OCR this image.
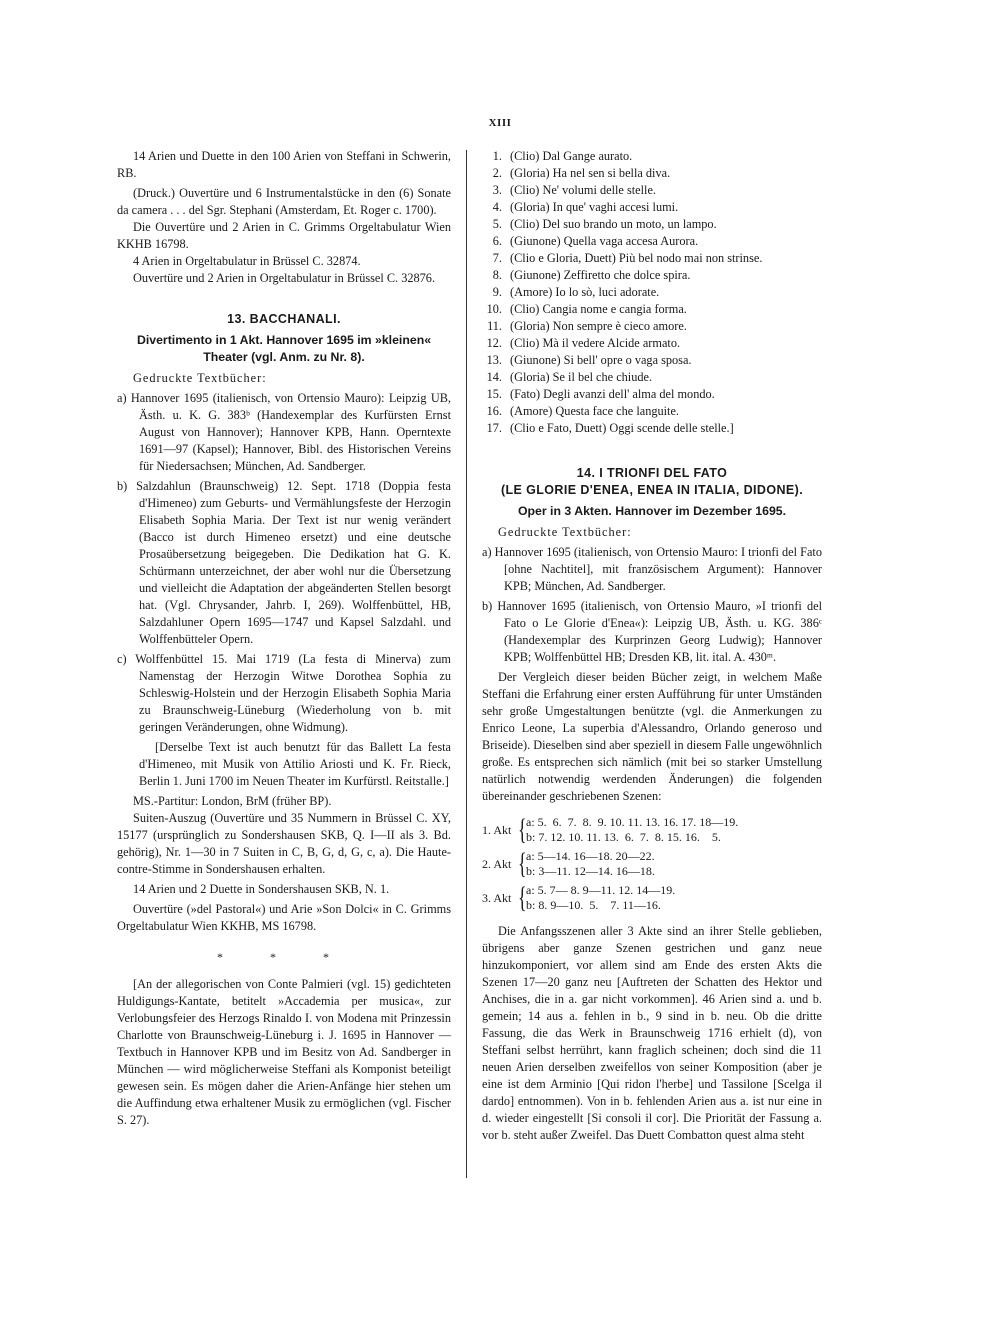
XIII

14 Arien und Duette in den 100 Arien von Steffani in Schwerin, RB.

(Druck.) Ouvertüre und 6 Instrumentalstücke in den (6) Sonate da camera . . . del Sgr. Stephani (Amsterdam, Et. Roger c. 1700).

Die Ouvertüre und 2 Arien in C. Grimms Orgeltabulatur Wien KKHB 16798.

4 Arien in Orgeltabulatur in Brüssel C. 32874.

Ouvertüre und 2 Arien in Orgeltabulatur in Brüssel C. 32876.

13. BACCHANALI.
Divertimento in 1 Akt. Hannover 1695 im »kleinen« Theater (vgl. Anm. zu Nr. 8).

Gedruckte Textbücher:

a) Hannover 1695 (italienisch, von Ortensio Mauro): Leipzig UB, Ästh. u. K. G. 383ᵇ (Handexemplar des Kurfürsten Ernst August von Hannover); Hannover KPB, Hann. Operntexte 1691—97 (Kapsel); Hannover, Bibl. des Historischen Vereins für Niedersachsen; München, Ad. Sandberger.

b) Salzdahlun (Braunschweig) 12. Sept. 1718 (Doppia festa d'Himeneo) zum Geburts- und Vermählungsfeste der Herzogin Elisabeth Sophia Maria. Der Text ist nur wenig verändert (Bacco ist durch Himeneo ersetzt) und eine deutsche Prosaübersetzung beigegeben. Die Dedikation hat G. K. Schürmann unterzeichnet, der aber wohl nur die Übersetzung und vielleicht die Adaptation der abgeänderten Stellen besorgt hat. (Vgl. Chrysander, Jahrb. I, 269). Wolffenbüttel, HB, Salzdahluner Opern 1695—1747 und Kapsel Salzdahl. und Wolffenbütteler Opern.

c) Wolffenbüttel 15. Mai 1719 (La festa di Minerva) zum Namenstag der Herzogin Witwe Dorothea Sophia zu Schleswig-Holstein und der Herzogin Elisabeth Sophia Maria zu Braunschweig-Lüneburg (Wiederholung von b. mit geringen Veränderungen, ohne Widmung).

[Derselbe Text ist auch benutzt für das Ballett La festa d'Himeneo, mit Musik von Attilio Ariosti und K. Fr. Rieck, Berlin 1. Juni 1700 im Neuen Theater im Kurfürstl. Reitstalle.]

MS.-Partitur: London, BrM (früher BP).

Suiten-Auszug (Ouvertüre und 35 Nummern in Brüssel C. XY, 15177 (ursprünglich zu Sondershausen SKB, Q. I—II als 3. Bd. gehörig), Nr. 1—30 in 7 Suiten in C, B, G, d, G, c, a). Die Haute-contre-Stimme in Sondershausen erhalten.

14 Arien und 2 Duette in Sondershausen SKB, N. 1.

Ouvertüre (»del Pastoral«) und Arie »Son Dolci« in C. Grimms Orgeltabulatur Wien KKHB, MS 16798.

* * *

[An der allegorischen von Conte Palmieri (vgl. 15) gedichteten Huldigungs-Kantate, betitelt »Accademia per musica«, zur Verlobungsfeier des Herzogs Rinaldo I. von Modena mit Prinzessin Charlotte von Braunschweig-Lüneburg i. J. 1695 in Hannover — Textbuch in Hannover KPB und im Besitz von Ad. Sandberger in München — wird möglicherweise Steffani als Komponist beteiligt gewesen sein. Es mögen daher die Arien-Anfänge hier stehen um die Auffindung etwa erhaltener Musik zu ermöglichen (vgl. Fischer S. 27).

1. (Clio) Dal Gange aurato.
2. (Gloria) Ha nel sen si bella diva.
3. (Clio) Ne' volumi delle stelle.
4. (Gloria) In que' vaghi accesi lumi.
5. (Clio) Del suo brando un moto, un lampo.
6. (Giunone) Quella vaga accesa Aurora.
7. (Clio e Gloria, Duett) Più bel nodo mai non strinse.
8. (Giunone) Zeffiretto che dolce spira.
9. (Amore) Io lo sò, luci adorate.
10. (Clio) Cangia nome e cangia forma.
11. (Gloria) Non sempre è cieco amore.
12. (Clio) Mà il vedere Alcide armato.
13. (Giunone) Si bell' opre o vaga sposa.
14. (Gloria) Se il bel che chiude.
15. (Fato) Degli avanzi dell' alma del mondo.
16. (Amore) Questa face che languite.
17. (Clio e Fato, Duett) Oggi scende delle stelle.]
14. I TRIONFI DEL FATO
(LE GLORIE D'ENEA, ENEA IN ITALIA, DIDONE).
Oper in 3 Akten. Hannover im Dezember 1695.

Gedruckte Textbücher:

a) Hannover 1695 (italienisch, von Ortensio Mauro: I trionfi del Fato [ohne Nachtitel], mit französischem Argument): Hannover KPB; München, Ad. Sandberger.

b) Hannover 1695 (italienisch, von Ortensio Mauro, »I trionfi del Fato o Le Glorie d'Enea«): Leipzig UB, Ästh. u. KG. 386ᶜ (Handexemplar des Kurprinzen Georg Ludwig); Hannover KPB; Wolffenbüttel HB; Dresden KB, lit. ital. A. 430ᵐ.

Der Vergleich dieser beiden Bücher zeigt, in welchem Maße Steffani die Erfahrung einer ersten Aufführung für unter Umständen sehr große Umgestaltungen benützte (vgl. die Anmerkungen zu Enrico Leone, La superbia d'Alessandro, Orlando generoso und Briseide). Dieselben sind aber speziell in diesem Falle ungewöhnlich große. Es entsprechen sich nämlich (mit bei so starker Umstellung natürlich notwendig werdenden Änderungen) die folgenden übereinander geschriebenen Szenen:

1. Akt { a: 5.  6.  7.  8.  9. 10. 11. 13. 16. 17. 18—19.
b: 7. 12. 10. 11. 13.  6.  7.  8. 15. 16.    5.
2. Akt { a: 5—14. 16—18. 20—22.
b: 3—11. 12—14. 16—18.
3. Akt { a: 5. 7— 8. 9—11. 12. 14—19.
b: 8. 9—10.  5.    7. 11—16.

Die Anfangsszenen aller 3 Akte sind an ihrer Stelle geblieben, übrigens aber ganze Szenen gestrichen und ganz neue hinzukomponiert, vor allem sind am Ende des ersten Akts die Szenen 17—20 ganz neu [Auftreten der Schatten des Hektor und Anchises, die in a. gar nicht vorkommen]. 46 Arien sind a. und b. gemein; 14 aus a. fehlen in b., 9 sind in b. neu. Ob die dritte Fassung, die das Werk in Braunschweig 1716 erhielt (d), von Steffani selbst herrührt, kann fraglich scheinen; doch sind die 11 neuen Arien derselben zweifellos von seiner Komposition (aber je eine ist dem Arminio [Qui ridon l'herbe] und Tassilone [Scelga il dardo] entnommen). Von in b. fehlenden Arien aus a. ist nur eine in d. wieder eingestellt [Si consoli il cor]. Die Priorität der Fassung a. vor b. steht außer Zweifel. Das Duett Combatton quest alma steht
